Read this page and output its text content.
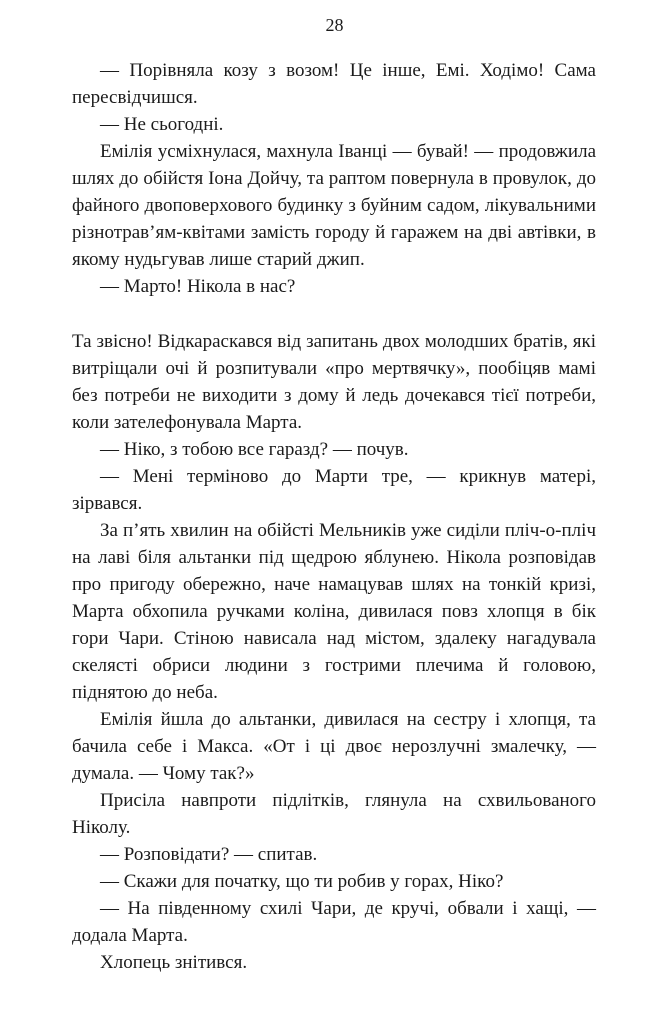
28

— Порівняла козу з возом! Це інше, Емі. Ходімо! Сама пересвідчишся.

— Не сьогодні.

Емілія усміхнулася, махнула Іванці — бувай! — продовжила шлях до обійстя Іона Дойчу, та раптом повернула в провулок, до файного двоповерхового будинку з буйним садом, лікувальними різнотрав’ям-квітами замість городу й гаражем на дві автівки, в якому нудьгував лише старий джип.

— Марто! Нікола в нас?

Та звісно! Відкараскався від запитань двох молодших братів, які витріщали очі й розпитували «про мертвячку», пообіцяв мамі без потреби не виходити з дому й ледь дочекався тієї потреби, коли зателефонувала Марта.

— Ніко, з тобою все гаразд? — почув.

— Мені терміново до Марти тре, — крикнув матері, зірвався.

За п’ять хвилин на обійсті Мельників уже сиділи пліч-о-пліч на лаві біля альтанки під щедрою яблунею. Нікола розповідав про пригоду обережно, наче намацував шлях на тонкій кризі, Марта обхопила ручками коліна, дивилася повз хлопця в бік гори Чари. Стіною нависала над містом, здалеку нагадувала скелясті обриси людини з гострими плечима й головою, піднятою до неба.

Емілія йшла до альтанки, дивилася на сестру і хлопця, та бачила себе і Макса. «От і ці двоє нерозлучні змалечку, — думала. — Чому так?»

Присіла навпроти підлітків, глянула на схвильованого Ніколу.

— Розповідати? — спитав.

— Скажи для початку, що ти робив у горах, Ніко?

— На південному схилі Чари, де кручі, обвали і хащі, — додала Марта.

Хлопець знітився.
